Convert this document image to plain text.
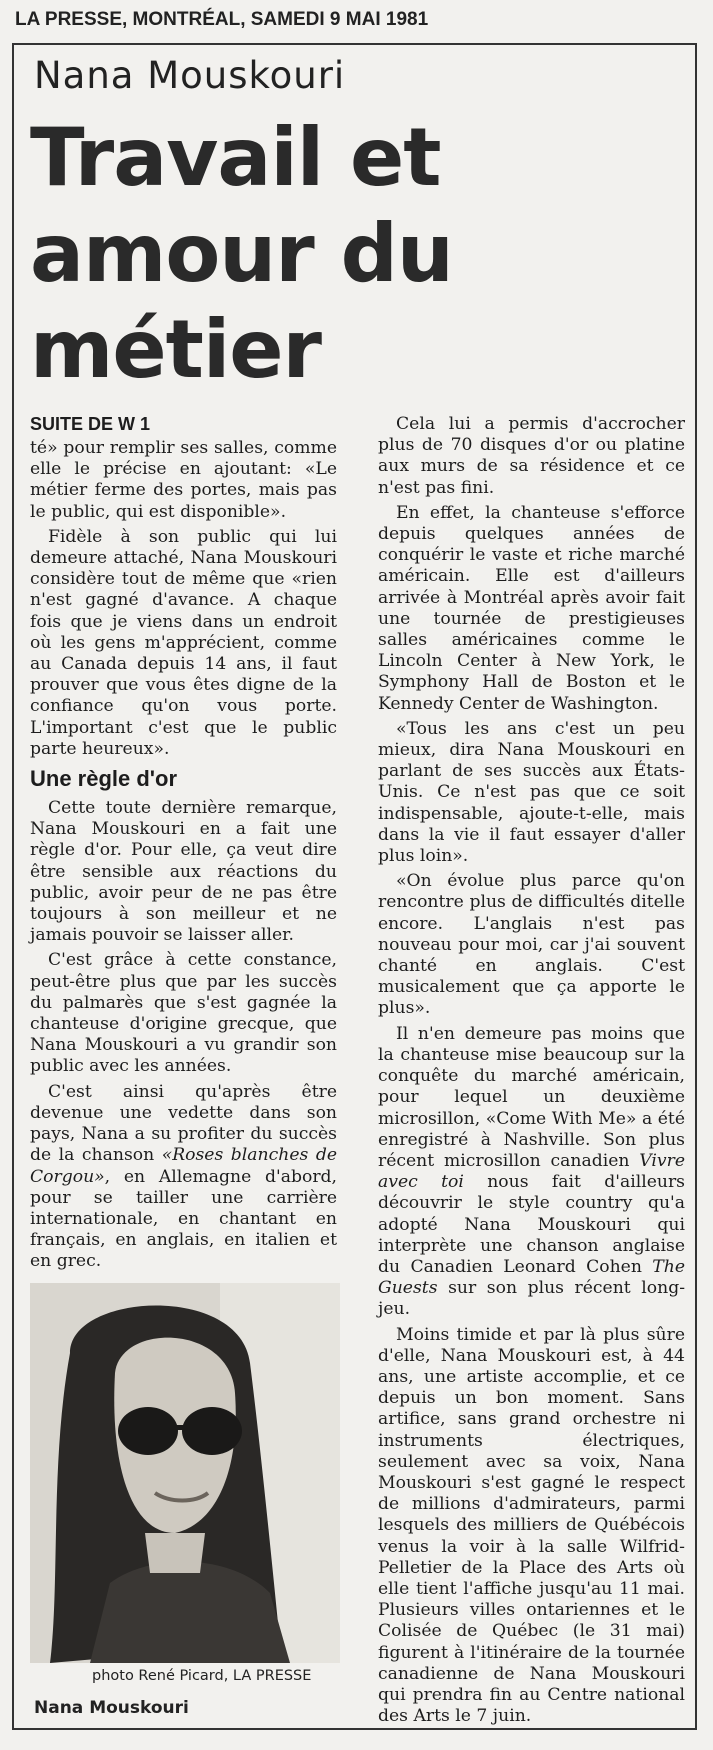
LA PRESSE, MONTRÉAL, SAMEDI 9 MAI 1981
Nana Mouskouri
Travail et amour du métier

SUITE DE W 1

té» pour remplir ses salles, comme elle le précise en ajoutant: «Le métier ferme des portes, mais pas le public, qui est disponible».

Fidèle à son public qui lui demeure attaché, Nana Mouskouri considère tout de même que «rien n'est gagné d'avance. A chaque fois que je viens dans un endroit où les gens m'apprécient, comme au Canada depuis 14 ans, il faut prouver que vous êtes digne de la confiance qu'on vous porte. L'important c'est que le public parte heureux».

Une règle d'or

Cette toute dernière remarque, Nana Mouskouri en a fait une règle d'or. Pour elle, ça veut dire être sensible aux réactions du public, avoir peur de ne pas être toujours à son meilleur et ne jamais pouvoir se laisser aller.

C'est grâce à cette constance, peut-être plus que par les succès du palmarès que s'est gagnée la chanteuse d'origine grecque, que Nana Mouskouri a vu grandir son public avec les années.

C'est ainsi qu'après être devenue une vedette dans son pays, Nana a su profiter du succès de la chanson «Roses blanches de Corgou», en Allemagne d'abord, pour se tailler une carrière internationale, en chantant en français, en anglais, en italien et en grec.

Cela lui a permis d'accrocher plus de 70 disques d'or ou platine aux murs de sa résidence et ce n'est pas fini.

En effet, la chanteuse s'efforce depuis quelques années de conquérir le vaste et riche marché américain. Elle est d'ailleurs arrivée à Montréal après avoir fait une tournée de prestigieuses salles américaines comme le Lincoln Center à New York, le Symphony Hall de Boston et le Kennedy Center de Washington.

«Tous les ans c'est un peu mieux, dira Nana Mouskouri en parlant de ses succès aux États-Unis. Ce n'est pas que ce soit indispensable, ajoute-t-elle, mais dans la vie il faut essayer d'aller plus loin».

«On évolue plus parce qu'on rencontre plus de difficultés ditelle encore. L'anglais n'est pas nouveau pour moi, car j'ai souvent chanté en anglais. C'est musicalement que ça apporte le plus».

Il n'en demeure pas moins que la chanteuse mise beaucoup sur la conquête du marché américain, pour lequel un deuxième microsillon, «Come With Me» a été enregistré à Nashville. Son plus récent microsillon canadien Vivre avec toi nous fait d'ailleurs découvrir le style country qu'a adopté Nana Mouskouri qui interprète une chanson anglaise du Canadien Leonard Cohen The Guests sur son plus récent long-jeu.

Moins timide et par là plus sûre d'elle, Nana Mouskouri est, à 44 ans, une artiste accomplie, et ce depuis un bon moment. Sans artifice, sans grand orchestre ni instruments électriques, seulement avec sa voix, Nana Mouskouri s'est gagné le respect de millions d'admirateurs, parmi lesquels des milliers de Québécois venus la voir à la salle Wilfrid-Pelletier de la Place des Arts où elle tient l'affiche jusqu'au 11 mai. Plusieurs villes ontariennes et le Colisée de Québec (le 31 mai) figurent à l'itinéraire de la tournée canadienne de Nana Mouskouri qui prendra fin au Centre national des Arts le 7 juin.

photo René Picard, LA PRESSE
Nana Mouskouri
